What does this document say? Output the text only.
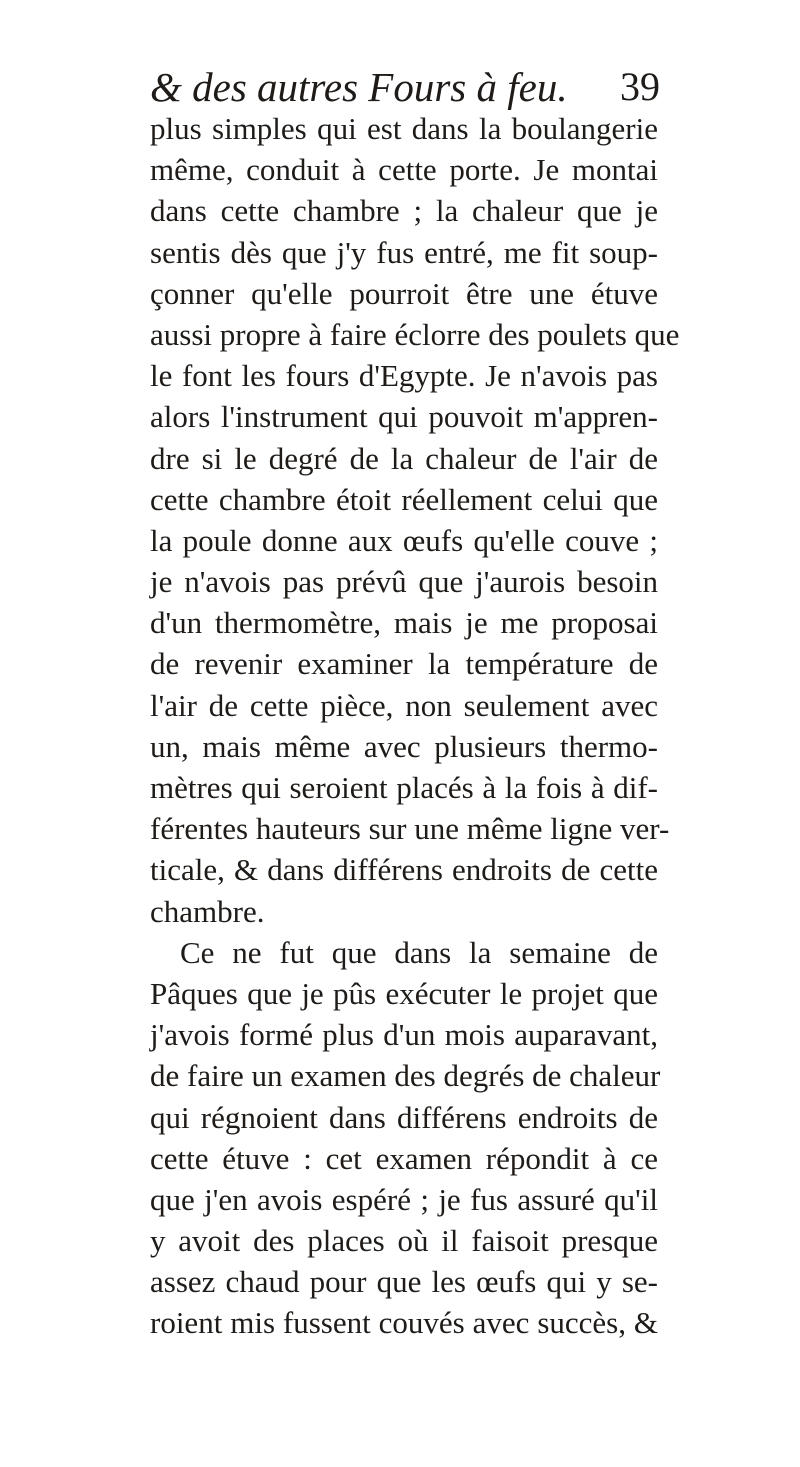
& des autres Fours à feu. 39
plus simples qui est dans la boulangerie
même, conduit à cette porte. Je montai
dans cette chambre ; la chaleur que je
sentis dès que j'y fus entré, me fit soup-
çonner qu'elle pourroit être une étuve
aussi propre à faire éclorre des poulets que
le font les fours d'Egypte. Je n'avois pas
alors l'instrument qui pouvoit m'appren-
dre si le degré de la chaleur de l'air de
cette chambre étoit réellement celui que
la poule donne aux œufs qu'elle couve ;
je n'avois pas prévû que j'aurois besoin
d'un thermomètre, mais je me proposai
de revenir examiner la température de
l'air de cette pièce, non seulement avec
un, mais même avec plusieurs thermo-
mètres qui seroient placés à la fois à dif-
férentes hauteurs sur une même ligne ver-
ticale, & dans différens endroits de cette
chambre.
Ce ne fut que dans la semaine de
Pâques que je pûs exécuter le projet que
j'avois formé plus d'un mois auparavant,
de faire un examen des degrés de chaleur
qui régnoient dans différens endroits de
cette étuve : cet examen répondit à ce
que j'en avois espéré ; je fus assuré qu'il
y avoit des places où il faisoit presque
assez chaud pour que les œufs qui y se-
roient mis fussent couvés avec succès, &
